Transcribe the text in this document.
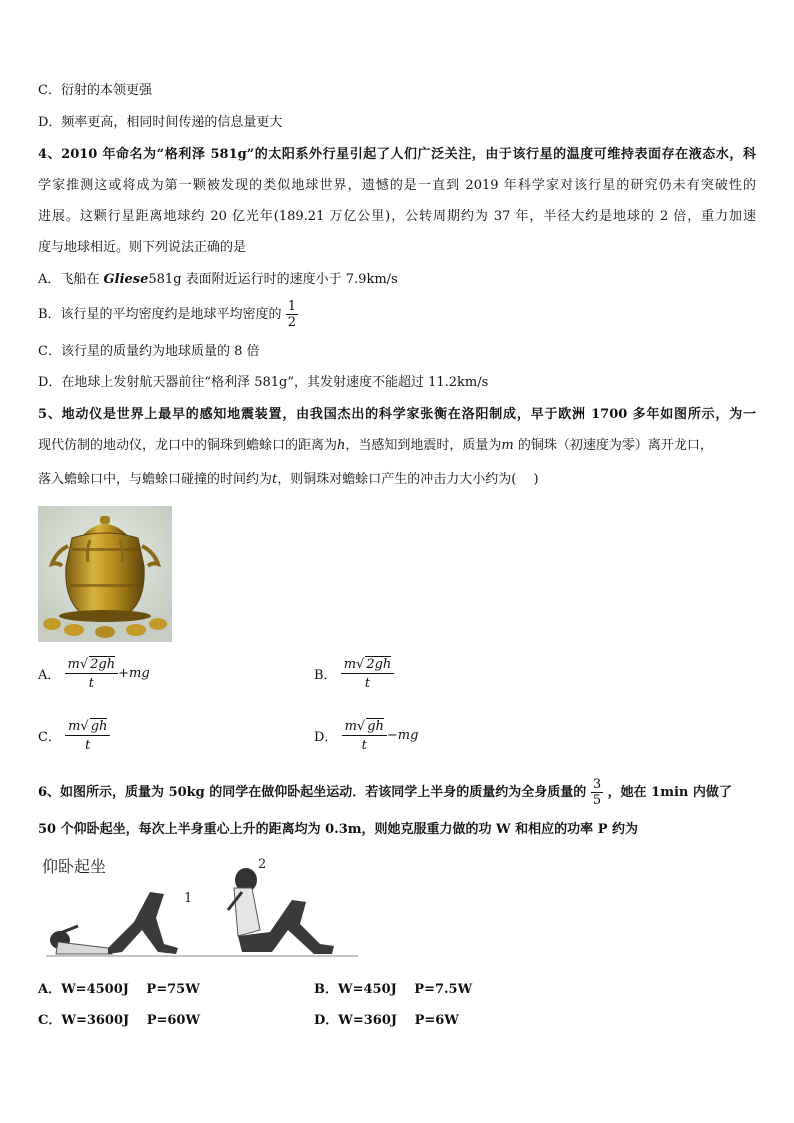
C．衍射的本领更强
D．频率更高，相同时间传递的信息量更大
4、2010 年命名为“格利泽 581g”的太阳系外行星引起了人们广泛关注，由于该行星的温度可维持表面存在液态水，科
学家推测这或将成为第一颗被发现的类似地球世界，遗憾的是一直到 2019 年科学家对该行星的研究仍未有突破性的
进展。这颗行星距离地球约 20 亿光年(189.21 万亿公里)，公转周期约为 37 年，半径大约是地球的 2 倍，重力加速
度与地球相近。则下列说法正确的是
A．飞船在 Gliese581g 表面附近运行时的速度小于 7.9km/s
B．该行星的平均密度约是地球平均密度的 $\frac{1}{2}$
C．该行星的质量约为地球质量的 8 倍
D．在地球上发射航天器前往“格利泽 581g”，其发射速度不能超过 11.2km/s
5、地动仪是世界上最早的感知地震装置，由我国杰出的科学家张衡在洛阳制成，早于欧洲 1700 多年如图所示，为一
现代仿制的地动仪，龙口中的铜珠到蟾蜍口的距离为h，当感知到地震时，质量为m 的铜珠（初速度为零）离开龙口，
落入蟾蜍口中，与蟾蜍口碰撞的时间约为t，则铜珠对蟾蜍口产生的冲击力大小约为(　 )
A． $\frac{m√ 2gh}{t} +mg$	B． $\frac{m√ 2gh}{t}$
C． $\frac{m√ gh}{t}$	D． $\frac{m√ gh}{t} -mg$
6、如图所示，质量为 50kg 的同学在做仰卧起坐运动．若该同学上半身的质量约为全身质量的 $\frac{3}{5}$ ，她在 1min 内做了
50 个仰卧起坐，每次上半身重心上升的距离均为 0.3m，则她克服重力做的功 W 和相应的功率 P 约为
仰卧起坐
1
2
A．W=4500J　 P=75W	B．W=450J　 P=7.5W
C．W=3600J　 P=60W	D．W=360J　 P=6W
